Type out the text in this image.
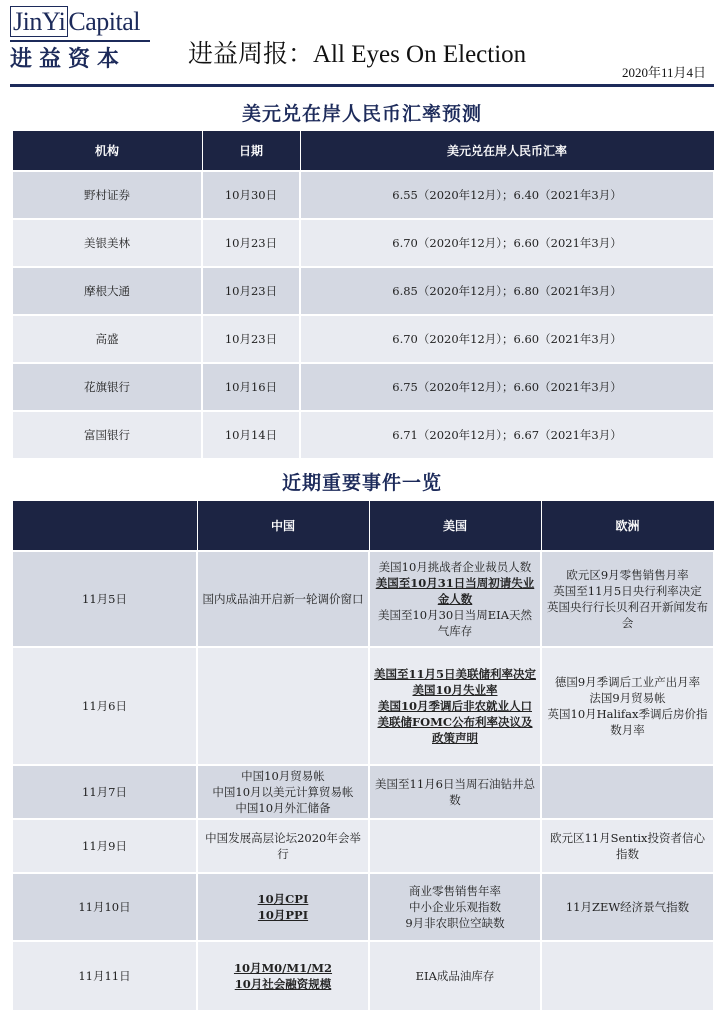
JinYi Capital
进益资本	进益周报：All Eyes On Election
2020年11月4日
美元兑在岸人民币汇率预测
机构	日期	美元兑在岸人民币汇率
野村证券	10月30日	6.55（2020年12月）；6.40（2021年3月）
美银美林	10月23日	6.70（2020年12月）；6.60（2021年3月）
摩根大通	10月23日	6.85（2020年12月）；6.80（2021年3月）
高盛	10月23日	6.70（2020年12月）；6.60（2021年3月）
花旗银行	10月16日	6.75（2020年12月）；6.60（2021年3月）
富国银行	10月14日	6.71（2020年12月）；6.67（2021年3月）
近期重要事件一览
	中国	美国	欧洲
11月5日	国内成品油开启新一轮调价窗口	美国10月挑战者企业裁员人数
美国至10月31日当周初请失业金人数
美国至10月30日当周EIA天然气库存	欧元区9月零售销售月率
英国至11月5日央行利率决定
英国央行行长贝利召开新闻发布会

11月6日		美国至11月5日美联储利率决定
美国10月失业率
美国10月季调后非农就业人口
美联储FOMC公布利率决议及政策声明	德国9月季调后工业产出月率
法国9月贸易帐
英国10月Halifax季调后房价指数月率

11月7日	中国10月贸易帐
中国10月以美元计算贸易帐
中国10月外汇储备	美国至11月6日当周石油钻井总数	

11月9日	中国发展高层论坛2020年会举行		欧元区11月Sentix投资者信心指数

11月10日	10月CPI
10月PPI	商业零售销售年率
中小企业乐观指数
9月非农职位空缺数	11月ZEW经济景气指数

11月11日	10月M0/M1/M2
10月社会融资规模	EIA成品油库存	
